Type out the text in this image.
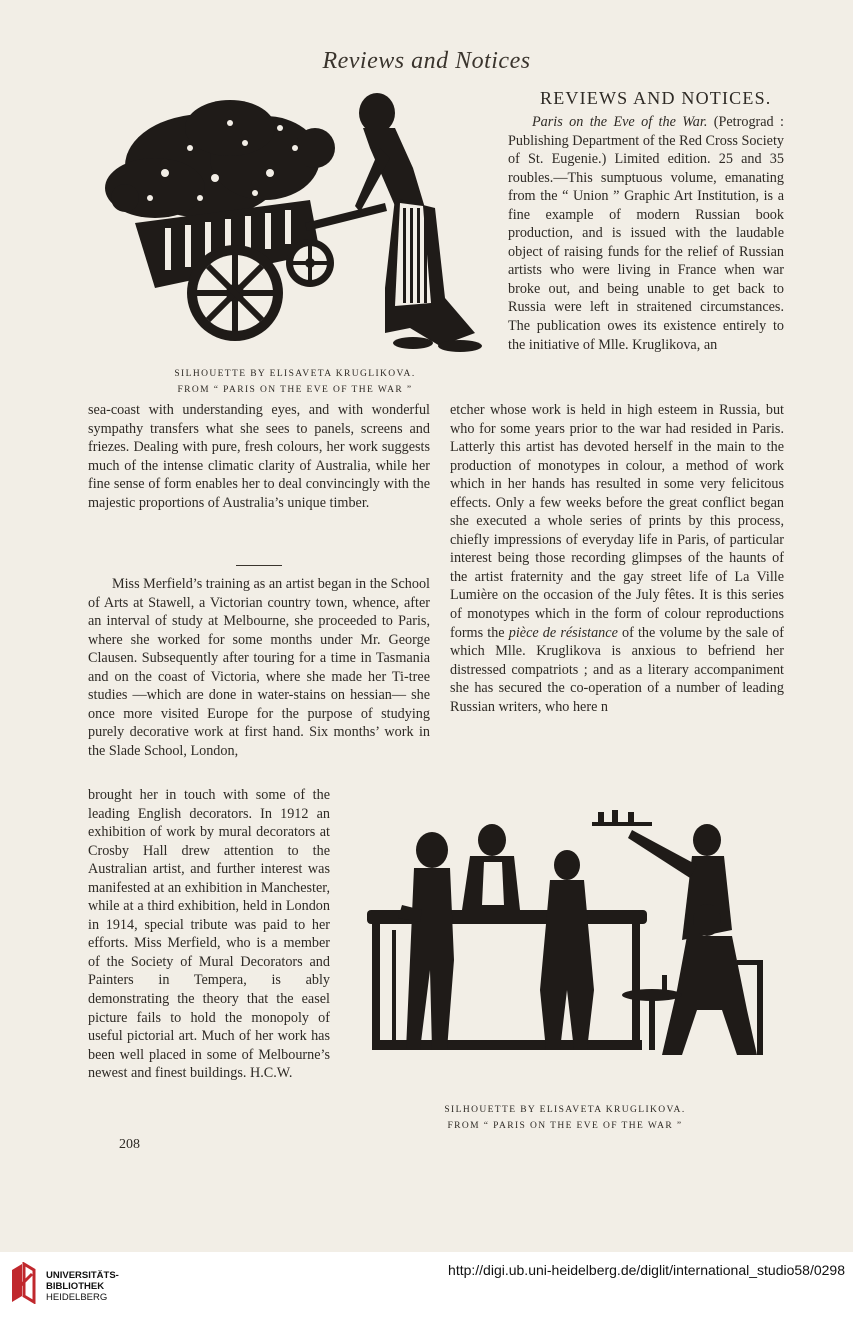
Reviews and Notices
REVIEWS AND NOTICES.

Paris on the Eve of the War. (Petrograd : Publishing Department of the Red Cross Society of St. Eugenie.) Limited edition. 25 and 35 roubles.—This sumptuous volume, emanating from the “ Union ” Graphic Art Institution, is a fine example of modern Russian book production, and is issued with the laudable object of raising funds for the relief of Russian artists who were living in France when war broke out, and being unable to get back to Russia were left in straitened circumstances. The publication owes its existence entirely to the initiative of Mlle. Kruglikova, an

SILHOUETTE BY ELISAVETA KRUGLIKOVA.
FROM “ PARIS ON THE EVE OF THE WAR ”

sea-coast with understanding eyes, and with wonderful sympathy transfers what she sees to panels, screens and friezes. Dealing with pure, fresh colours, her work suggests much of the intense climatic clarity of Australia, while her fine sense of form enables her to deal convincingly with the majestic proportions of Australia’s unique timber.

Miss Merfield’s training as an artist began in the School of Arts at Stawell, a Victorian country town, whence, after an interval of study at Melbourne, she proceeded to Paris, where she worked for some months under Mr. George Clausen. Subsequently after touring for a time in Tasmania and on the coast of Victoria, where she made her Ti-tree studies —which are done in water-stains on hessian— she once more visited Europe for the purpose of studying purely decorative work at first hand. Six months’ work in the Slade School, London,

brought her in touch with some of the leading English decorators. In 1912 an exhibition of work by mural decorators at Crosby Hall drew attention to the Australian artist, and further interest was manifested at an exhibition in Manchester, while at a third exhibition, held in London in 1914, special tribute was paid to her efforts. Miss Merfield, who is a member of the Society of Mural Decorators and Painters in Tempera, is ably demonstrating the theory that the easel picture fails to hold the monopoly of useful pictorial art. Much of her work has been well placed in some of Melbourne’s newest and finest buildings. H.C.W.

208

etcher whose work is held in high esteem in Russia, but who for some years prior to the war had resided in Paris. Latterly this artist has devoted herself in the main to the production of monotypes in colour, a method of work which in her hands has resulted in some very felicitous effects. Only a few weeks before the great conflict began she executed a whole series of prints by this process, chiefly impressions of everyday life in Paris, of particular interest being those recording glimpses of the haunts of the artist fraternity and the gay street life of La Ville Lumière on the occasion of the July fêtes. It is this series of monotypes which in the form of colour reproductions forms the pièce de résistance of the volume by the sale of which Mlle. Kruglikova is anxious to befriend her distressed compatriots ; and as a literary accompaniment she has secured the co-operation of a number of leading Russian writers, who here n

SILHOUETTE BY ELISAVETA KRUGLIKOVA.
FROM “ PARIS ON THE EVE OF THE WAR ”
UNIVERSITÄTS-
BIBLIOTHEK
HEIDELBERG
http://digi.ub.uni-heidelberg.de/diglit/international_studio58/0298
